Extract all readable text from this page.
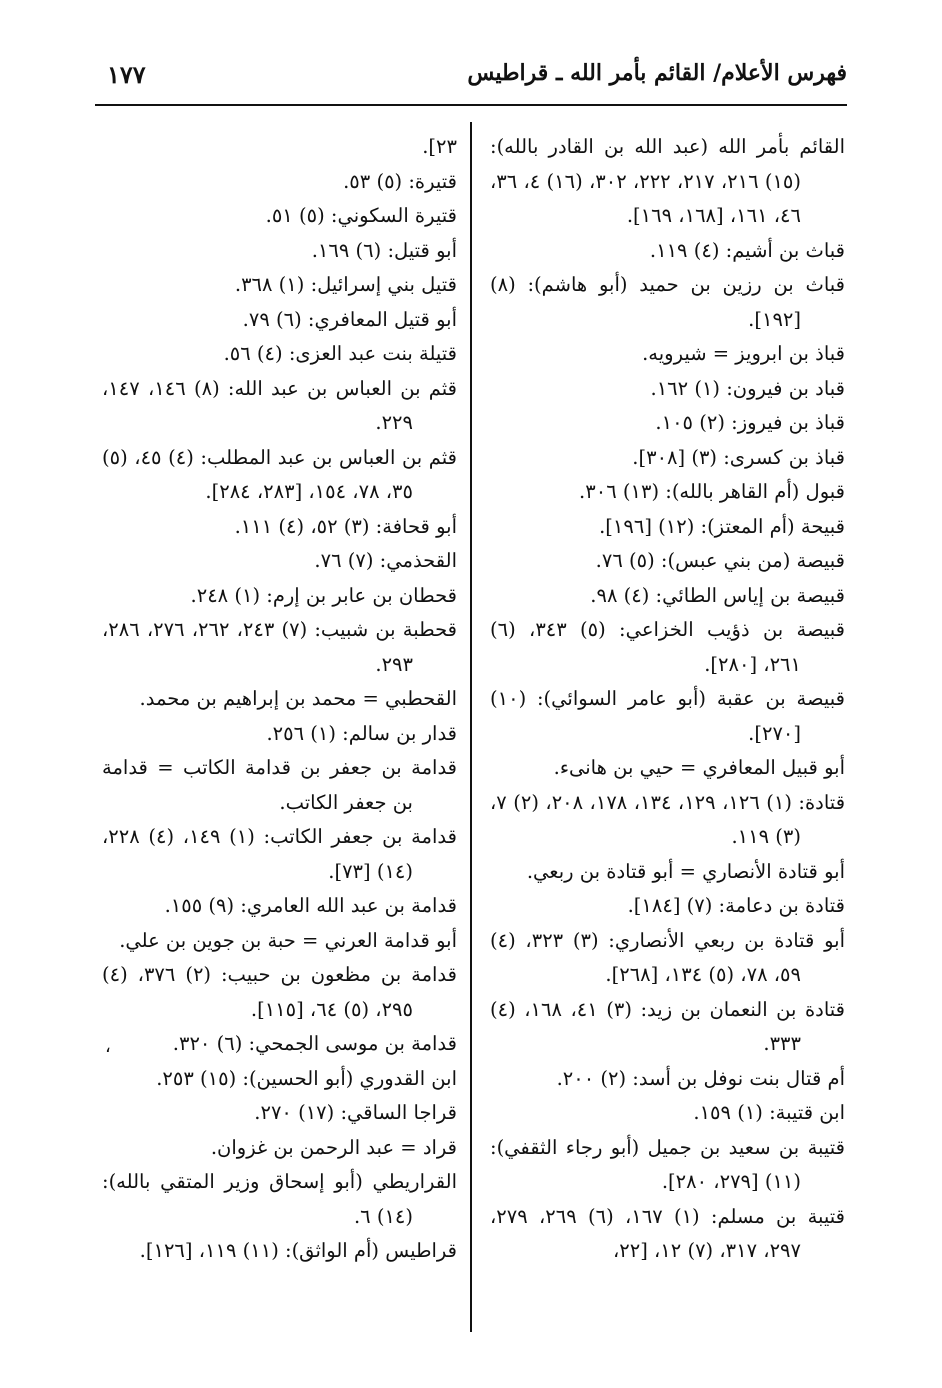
فهرس الأعلام/ القائم بأمر الله ـ قراطيس
١٧٧
القائم بأمر الله (عبد الله بن القادر بالله): (١٥) ٢١٦، ٢١٧، ٢٢٢، ٣٠٢، (١٦) ٤، ٣٦، ٤٦، ١٦١، [١٦٨، ١٦٩].
قباث بن أشيم: (٤) ١١٩.
قباث بن رزين بن حميد (أبو هاشم): (٨) [١٩٢].
قباذ بن ابرويز = شيرويه.
قباد بن فيرون: (١) ١٦٢.
قباذ بن فيروز: (٢) ١٠٥.
قباذ بن كسرى: (٣) [٣٠٨].
قبول (أم القاهر بالله): (١٣) ٣٠٦.
قبيحة (أم المعتز): (١٢) [١٩٦].
قبيصة (من بني عبس): (٥) ٧٦.
قبيصة بن إياس الطائي: (٤) ٩٨.
قبيصة بن ذؤيب الخزاعي: (٥) ٣٤٣، (٦) ٢٦١، [٢٨٠].
قبيصة بن عقبة (أبو عامر السوائي): (١٠) [٢٧٠].
أبو قبيل المعافري = حيي بن هانىء.
قتادة: (١) ١٢٦، ١٢٩، ١٣٤، ١٧٨، ٢٠٨، (٢) ٧، (٣) ١١٩.
أبو قتادة الأنصاري = أبو قتادة بن ربعي.
قتادة بن دعامة: (٧) [١٨٤].
أبو قتادة بن ربعي الأنصاري: (٣) ٣٢٣، (٤) ٥٩، ٧٨، (٥) ١٣٤، [٢٦٨].
قتادة بن النعمان بن زيد: (٣) ٤١، ١٦٨، (٤) ٣٣٣.
أم قتال بنت نوفل بن أسد: (٢) ٢٠٠.
ابن قتيبة: (١) ١٥٩.
قتيبة بن سعيد بن جميل (أبو رجاء الثقفي): (١١) [٢٧٩، ٢٨٠].
قتيبة بن مسلم: (١) ١٦٧، (٦) ٢٦٩، ٢٧٩، ٢٩٧، ٣١٧، (٧) ١٢، [٢٢،
٢٣].
قتيرة: (٥) ٥٣.
قتيرة السكوني: (٥) ٥١.
أبو قتيل: (٦) ١٦٩.
قتيل بني إسرائيل: (١) ٣٦٨.
أبو قتيل المعافري: (٦) ٧٩.
قتيلة بنت عبد العزى: (٤) ٥٦.
قثم بن العباس بن عبد الله: (٨) ١٤٦، ١٤٧، ٢٢٩.
قثم بن العباس بن عبد المطلب: (٤) ٤٥، (٥) ٣٥، ٧٨، ١٥٤، [٢٨٣، ٢٨٤].
أبو قحافة: (٣) ٥٢، (٤) ١١١.
القحذمي: (٧) ٧٦.
قحطان بن عابر بن إرم: (١) ٢٤٨.
قحطبة بن شبيب: (٧) ٢٤٣، ٢٦٢، ٢٧٦، ٢٨٦، ٢٩٣.
القحطبي = محمد بن إبراهيم بن محمد.
قدار بن سالم: (١) ٢٥٦.
قدامة بن جعفر بن قدامة الكاتب = قدامة بن جعفر الكاتب.
قدامة بن جعفر الكاتب: (١) ١٤٩، (٤) ٢٢٨، (١٤) [٧٣].
قدامة بن عبد الله العامري: (٩) ١٥٥.
أبو قدامة العرني = حبة بن جوين بن علي.
قدامة بن مظعون بن حبيب: (٢) ٣٧٦، (٤) ٢٩٥، (٥) ٦٤، [١١٥].
قدامة بن موسى الجمحي: (٦) ٣٢٠.
ابن القدوري (أبو الحسين): (١٥) ٢٥٣.
قراجا الساقي: (١٧) ٢٧٠.
قراد = عبد الرحمن بن غزوان.
القراريطي (أبو إسحاق وزير المتقي بالله): (١٤) ٦.
قراطيس (أم الواثق): (١١) ١١٩، [١٢٦].
،
